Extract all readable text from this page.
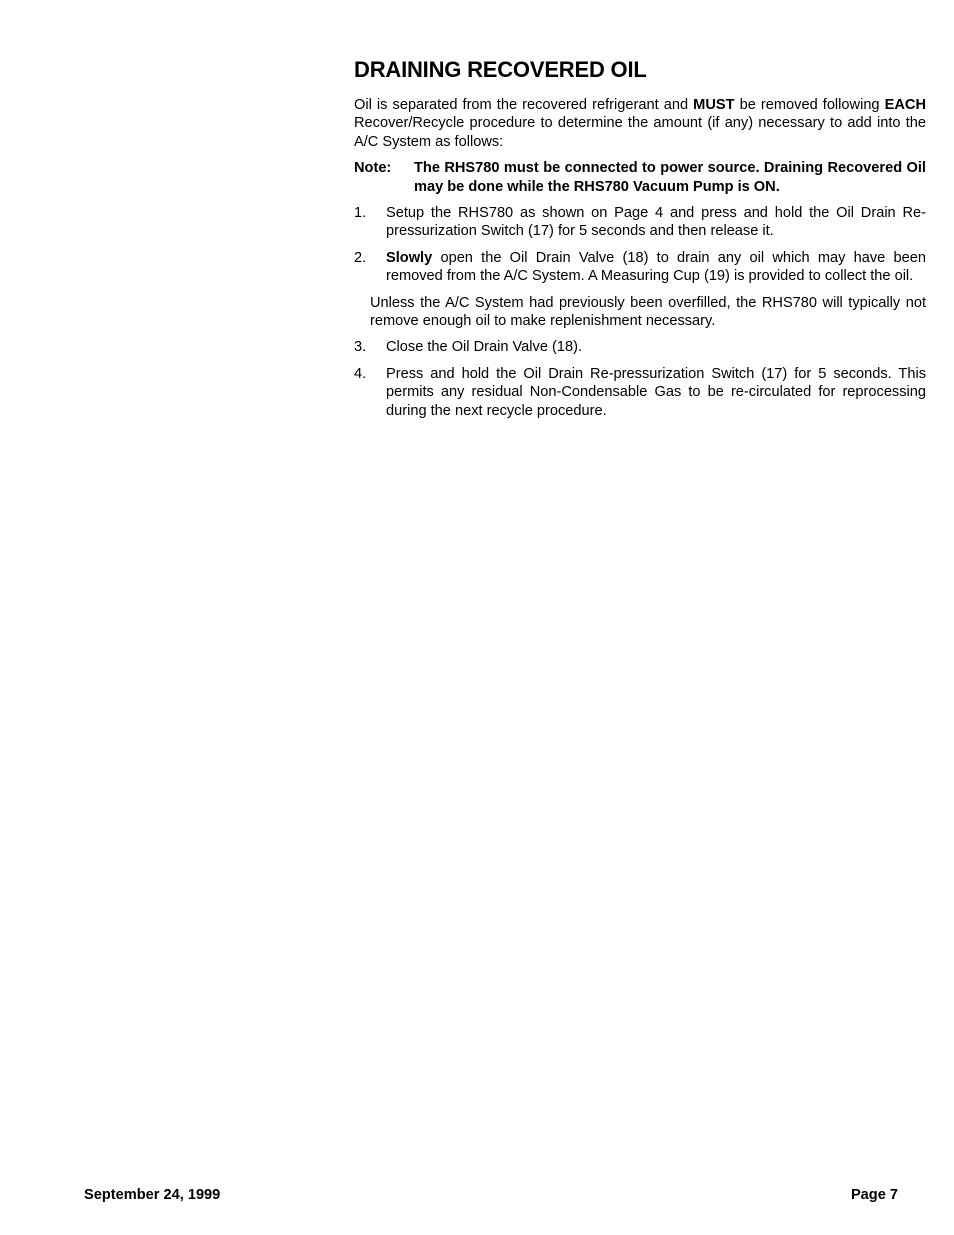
DRAINING RECOVERED OIL

Oil is separated from the recovered refrigerant and MUST be removed following EACH Recover/Recycle procedure to determine the amount (if any) necessary to add into the A/C System as follows:

Note:	The RHS780 must be connected to power source. Draining Recovered Oil may be done while the RHS780 Vacuum Pump is ON.
1.	Setup the RHS780 as shown on Page 4 and press and hold the Oil Drain Re-pressurization Switch (17) for 5 seconds and then release it.
2.	Slowly open the Oil Drain Valve (18) to drain any oil which may have been removed from the A/C System. A Measuring Cup (19) is provided to collect the oil.

Unless the A/C System had previously been overfilled, the RHS780 will typically not remove enough oil to make replenishment necessary.

3.	Close the Oil Drain Valve (18).
4.	Press and hold the Oil Drain Re-pressurization Switch (17) for 5 seconds. This permits any residual Non-Condensable Gas to be re-circulated for reprocessing during the next recycle procedure.
September 24, 1999	Page 7
